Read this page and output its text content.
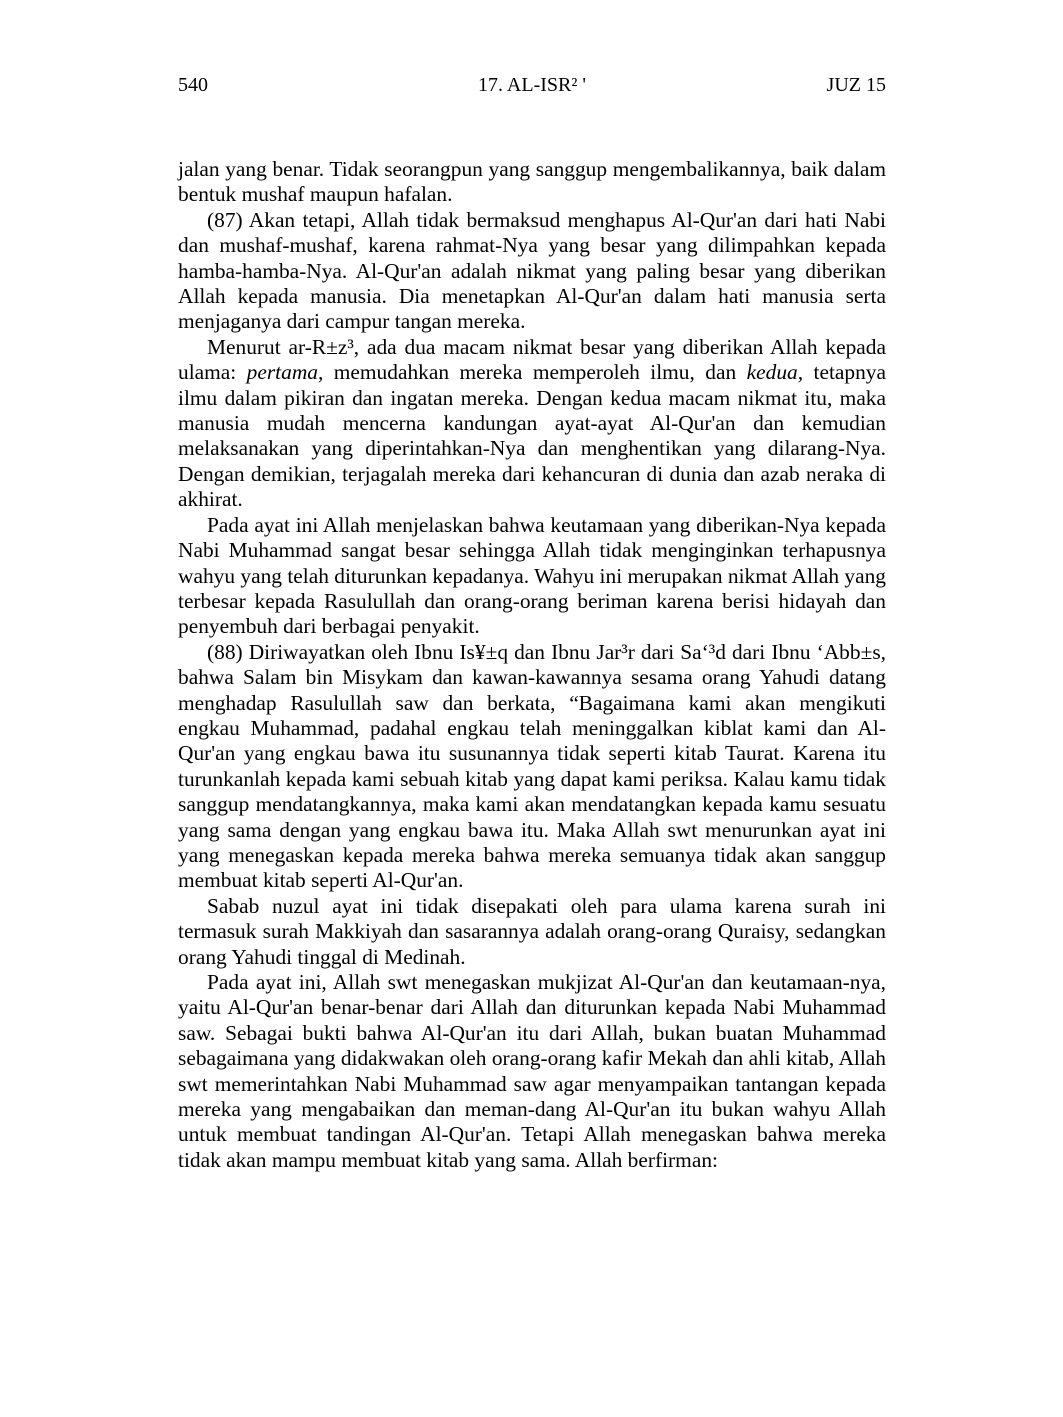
540	17. AL-ISR² '	JUZ 15

jalan yang benar. Tidak seorangpun yang sanggup mengembalikannya, baik dalam bentuk mushaf maupun hafalan.

(87) Akan tetapi, Allah tidak bermaksud menghapus Al-Qur'an dari hati Nabi dan mushaf-mushaf, karena rahmat-Nya yang besar yang dilimpahkan kepada hamba-hamba-Nya. Al-Qur'an adalah nikmat yang paling besar yang diberikan Allah kepada manusia. Dia menetapkan Al-Qur'an dalam hati manusia serta menjaganya dari campur tangan mereka.

Menurut ar-R±z³, ada dua macam nikmat besar yang diberikan Allah kepada ulama: pertama, memudahkan mereka memperoleh ilmu, dan kedua, tetapnya ilmu dalam pikiran dan ingatan mereka. Dengan kedua macam nikmat itu, maka manusia mudah mencerna kandungan ayat-ayat Al-Qur'an dan kemudian melaksanakan yang diperintahkan-Nya dan menghentikan yang dilarang-Nya. Dengan demikian, terjagalah mereka dari kehancuran di dunia dan azab neraka di akhirat.

Pada ayat ini Allah menjelaskan bahwa keutamaan yang diberikan-Nya kepada Nabi Muhammad sangat besar sehingga Allah tidak menginginkan terhapusnya wahyu yang telah diturunkan kepadanya. Wahyu ini merupakan nikmat Allah yang terbesar kepada Rasulullah dan orang-orang beriman karena berisi hidayah dan penyembuh dari berbagai penyakit.

(88) Diriwayatkan oleh Ibnu Is¥±q dan Ibnu Jar³r dari Sa‘³d dari Ibnu ‘Abb±s, bahwa Salam bin Misykam dan kawan-kawannya sesama orang Yahudi datang menghadap Rasulullah saw dan berkata, “Bagaimana kami akan mengikuti engkau Muhammad, padahal engkau telah meninggalkan kiblat kami dan Al-Qur'an yang engkau bawa itu susunannya tidak seperti kitab Taurat. Karena itu turunkanlah kepada kami sebuah kitab yang dapat kami periksa. Kalau kamu tidak sanggup mendatangkannya, maka kami akan mendatangkan kepada kamu sesuatu yang sama dengan yang engkau bawa itu. Maka Allah swt menurunkan ayat ini yang menegaskan kepada mereka bahwa mereka semuanya tidak akan sanggup membuat kitab seperti Al-Qur'an.

Sabab nuzul ayat ini tidak disepakati oleh para ulama karena surah ini termasuk surah Makkiyah dan sasarannya adalah orang-orang Quraisy, sedangkan orang Yahudi tinggal di Medinah.

Pada ayat ini, Allah swt menegaskan mukjizat Al-Qur'an dan keutamaan-nya, yaitu Al-Qur'an benar-benar dari Allah dan diturunkan kepada Nabi Muhammad saw. Sebagai bukti bahwa Al-Qur'an itu dari Allah, bukan buatan Muhammad sebagaimana yang didakwakan oleh orang-orang kafir Mekah dan ahli kitab, Allah swt memerintahkan Nabi Muhammad saw agar menyampaikan tantangan kepada mereka yang mengabaikan dan meman-dang Al-Qur'an itu bukan wahyu Allah untuk membuat tandingan Al-Qur'an. Tetapi Allah menegaskan bahwa mereka tidak akan mampu membuat kitab yang sama. Allah berfirman:
